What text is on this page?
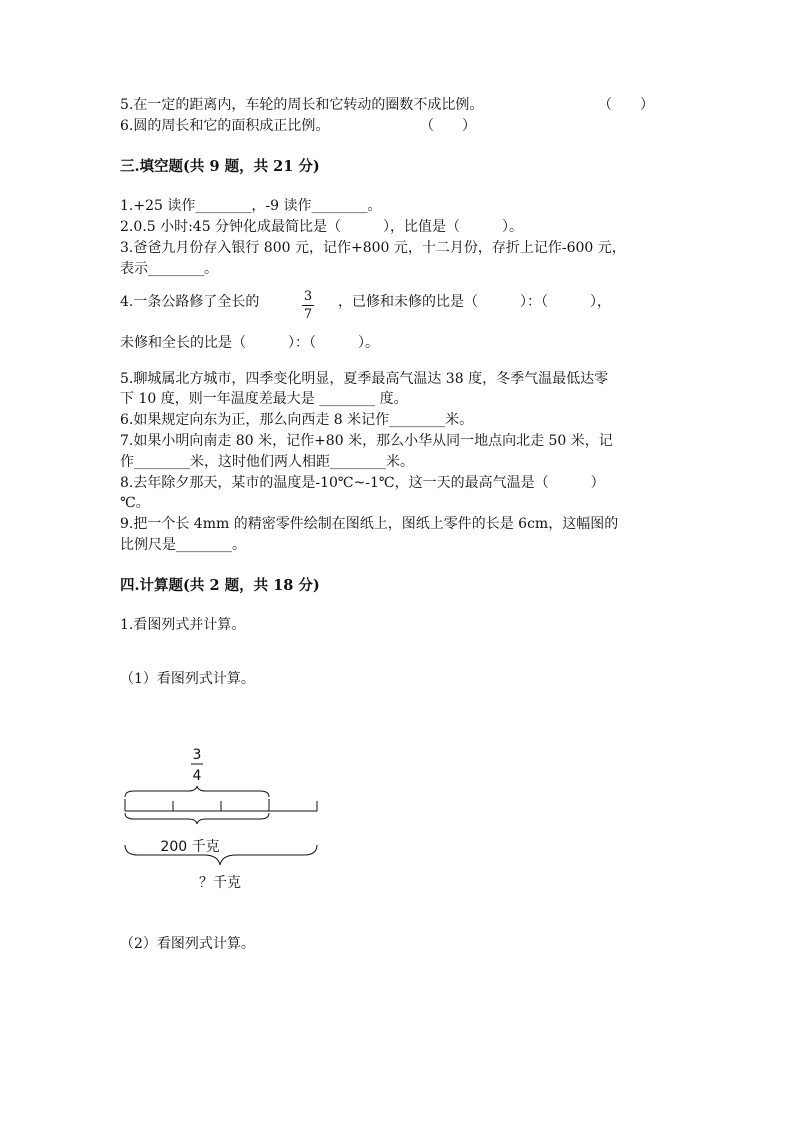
5.在一定的距离内，车轮的周长和它转动的圈数不成比例。	（　　）
6.圆的周长和它的面积成正比例。	（　　）
三.填空题(共 9 题，共 21 分)
1.+25 读作________，-9 读作________。
2.0.5 小时:45 分钟化成最简比是（　　　），比值是（　　　）。
3.爸爸九月份存入银行 800 元，记作+800 元，十二月份，存折上记作-600 元，
表示________。
4.一条公路修了全长的	3
7
，已修和未修的比是（　　　）：（　　　），
未修和全长的比是（　　　）：（　　　）。
5.聊城属北方城市，四季变化明显，夏季最高气温达 38 度，冬季气温最低达零
下 10 度，则一年温度差最大是 ________ 度。
6.如果规定向东为正，那么向西走 8 米记作________米。
7.如果小明向南走 80 米，记作+80 米，那么小华从同一地点向北走 50 米，记
作________米，这时他们两人相距________米。
8.去年除夕那天，某市的温度是-10℃~-1℃，这一天的最高气温是（　　　）
℃。
9.把一个长 4mm 的精密零件绘制在图纸上，图纸上零件的长是 6cm，这幅图的
比例尺是________。
四.计算题(共 2 题，共 18 分)
1.看图列式并计算。
（1）看图列式计算。
3
4
200 千克
？千克
（2）看图列式计算。
